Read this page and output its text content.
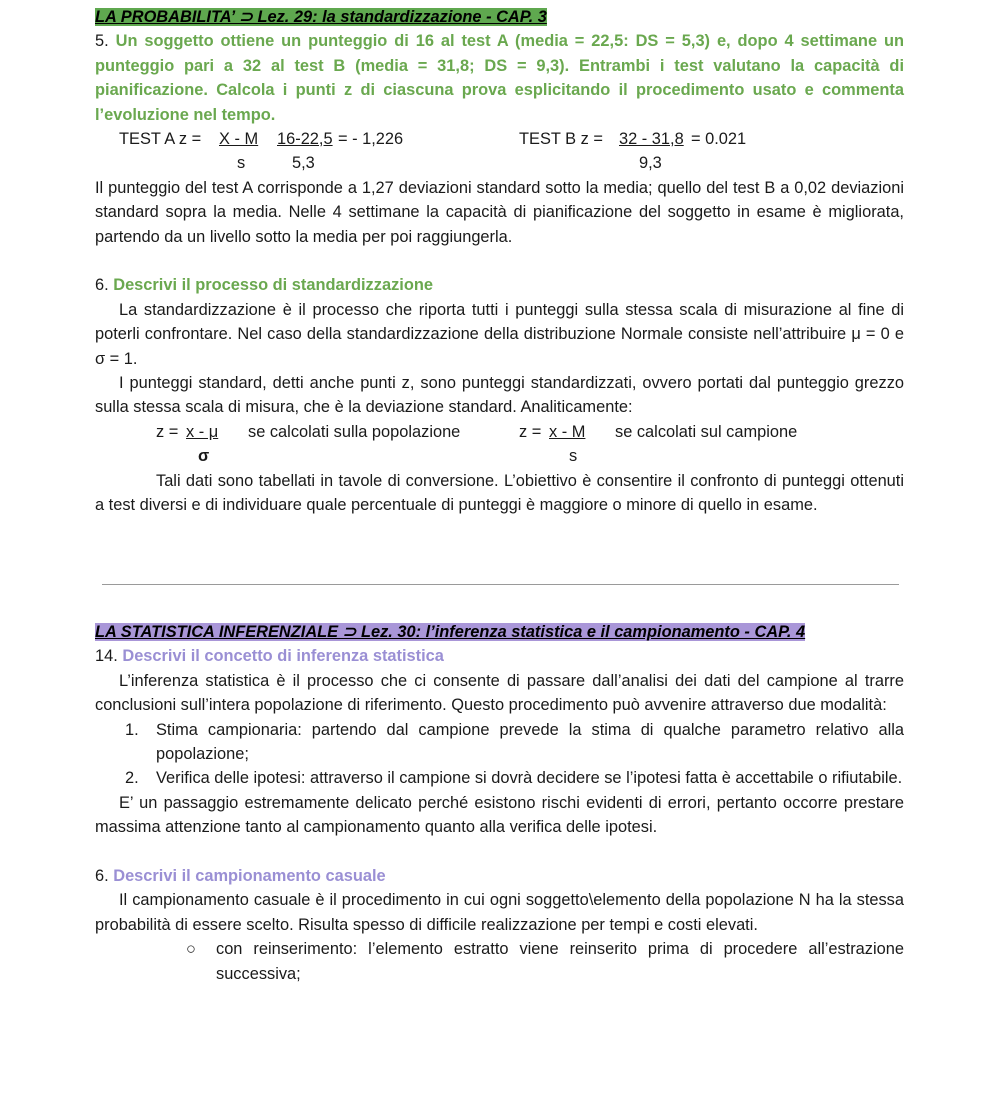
LA PROBABILITA’ ⊃ Lez. 29: la standardizzazione - CAP. 3
5. Un soggetto ottiene un punteggio di 16 al test A (media = 22,5: DS = 5,3) e, dopo 4 settimane un punteggio pari a 32 al test B (media = 31,8; DS = 9,3). Entrambi i test valutano la capacità di pianificazione. Calcola i punti z di ciascuna prova esplicitando il procedimento usato e commenta l’evoluzione nel tempo.
TEST A z = X - M 16-22,5 = - 1,226	TEST B z = 32 - 31,8 = 0.021
s	5,3	9,3
Il punteggio del test A corrisponde a 1,27 deviazioni standard sotto la media; quello del test B a 0,02 deviazioni standard sopra la media. Nelle 4 settimane la capacità di pianificazione del soggetto in esame è migliorata, partendo da un livello sotto la media per poi raggiungerla.
6. Descrivi il processo di standardizzazione
La standardizzazione è il processo che riporta tutti i punteggi sulla stessa scala di misurazione al fine di poterli confrontare. Nel caso della standardizzazione della distribuzione Normale consiste nell’attribuire μ = 0 e σ = 1.
I punteggi standard, detti anche punti z, sono punteggi standardizzati, ovvero portati dal punteggio grezzo sulla stessa scala di misura, che è la deviazione standard. Analiticamente:
z = x - μ se calcolati sulla popolazione	z = x - M se calcolati sul campione
σ	s
Tali dati sono tabellati in tavole di conversione. L’obiettivo è consentire il confronto di punteggi ottenuti a test diversi e di individuare quale percentuale di punteggi è maggiore o minore di quello in esame.
LA STATISTICA INFERENZIALE ⊃ Lez. 30: l’inferenza statistica e il campionamento - CAP. 4
14. Descrivi il concetto di inferenza statistica
L’inferenza statistica è il processo che ci consente di passare dall’analisi dei dati del campione al trarre conclusioni sull’intera popolazione di riferimento. Questo procedimento può avvenire attraverso due modalità:
1. Stima campionaria: partendo dal campione prevede la stima di qualche parametro relativo alla popolazione;
2. Verifica delle ipotesi: attraverso il campione si dovrà decidere se l’ipotesi fatta è accettabile o rifiutabile.
E’ un passaggio estremamente delicato perché esistono rischi evidenti di errori, pertanto occorre prestare massima attenzione tanto al campionamento quanto alla verifica delle ipotesi.
6. Descrivi il campionamento casuale
Il campionamento casuale è il procedimento in cui ogni soggetto\elemento della popolazione N ha la stessa probabilità di essere scelto. Risulta spesso di difficile realizzazione per tempi e costi elevati.
○ con reinserimento: l’elemento estratto viene reinserito prima di procedere all’estrazione successiva;
